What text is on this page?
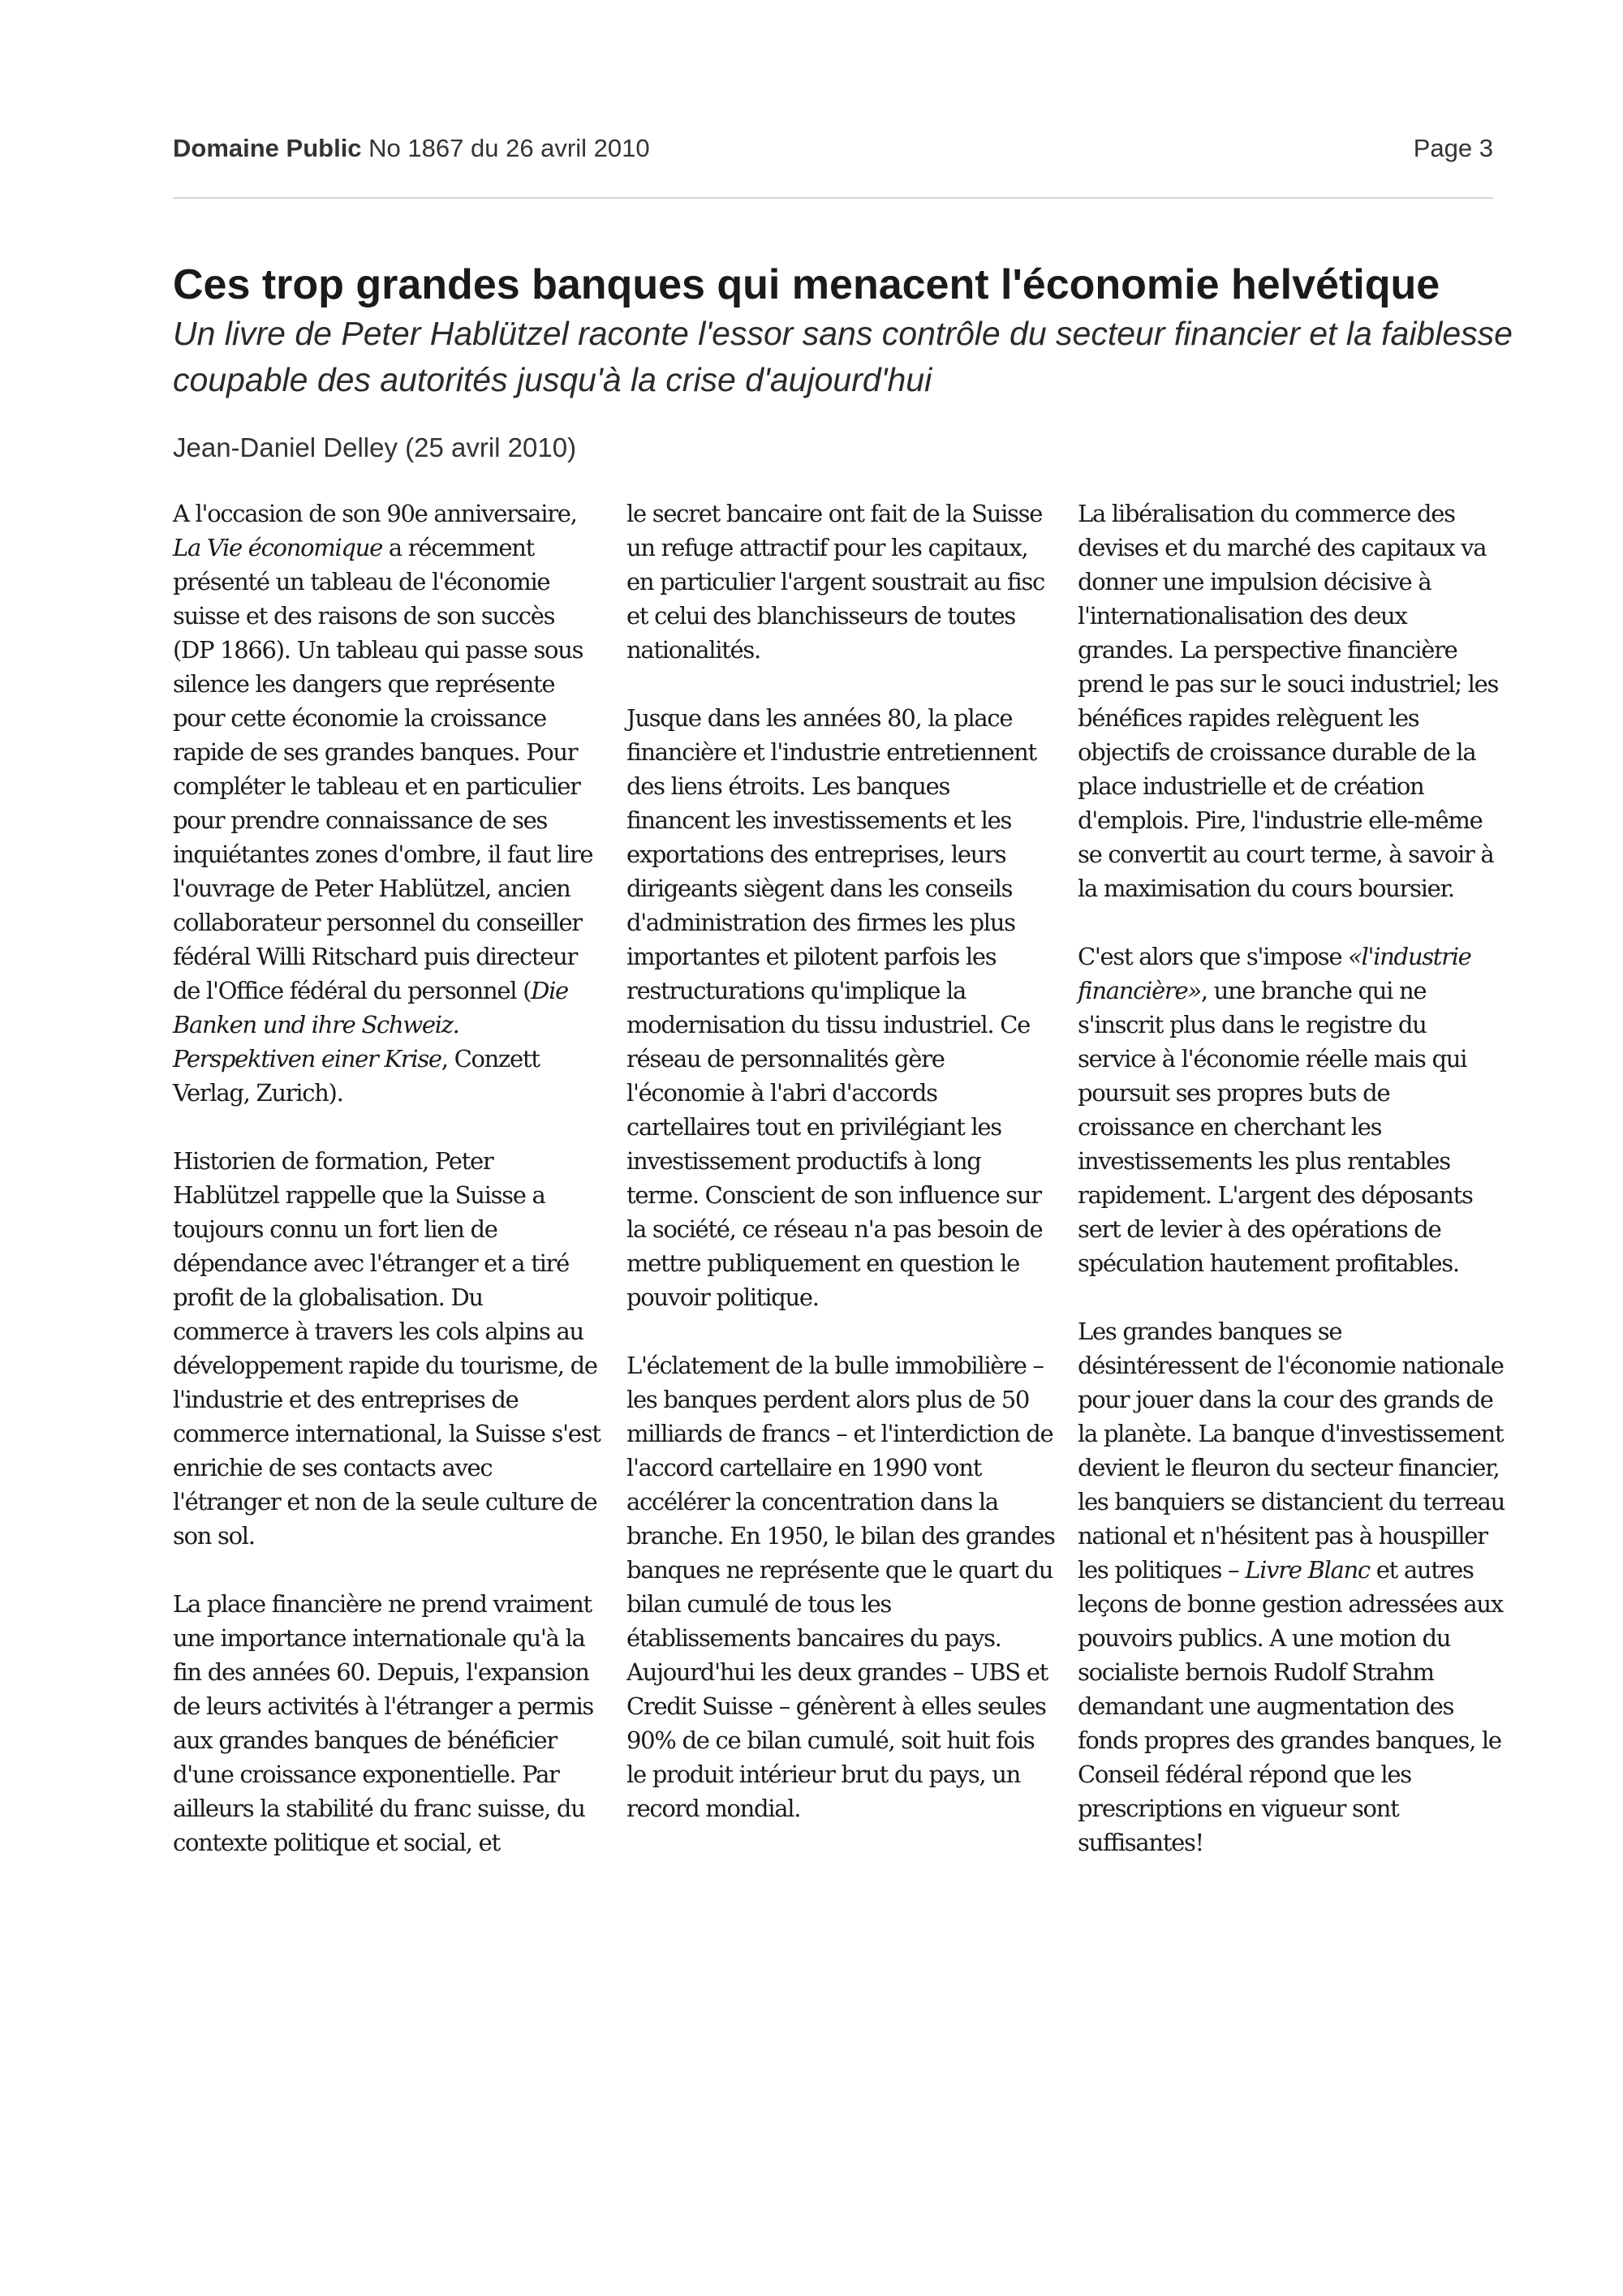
Domaine Public No 1867 du 26 avril 2010	Page 3
Ces trop grandes banques qui menacent l'économie helvétique
Un livre de Peter Hablützel raconte l'essor sans contrôle du secteur financier et la faiblesse coupable des autorités jusqu'à la crise d'aujourd'hui
Jean-Daniel Delley (25 avril 2010)

A l'occasion de son 90e anniversaire, La Vie économique a récemment présenté un tableau de l'économie suisse et des raisons de son succès (DP 1866). Un tableau qui passe sous silence les dangers que représente pour cette économie la croissance rapide de ses grandes banques. Pour compléter le tableau et en particulier pour prendre connaissance de ses inquiétantes zones d'ombre, il faut lire l'ouvrage de Peter Hablützel, ancien collaborateur personnel du conseiller fédéral Willi Ritschard puis directeur de l'Office fédéral du personnel (Die Banken und ihre Schweiz. Perspektiven einer Krise, Conzett Verlag, Zurich).

Historien de formation, Peter Hablützel rappelle que la Suisse a toujours connu un fort lien de dépendance avec l'étranger et a tiré profit de la globalisation. Du commerce à travers les cols alpins au développement rapide du tourisme, de l'industrie et des entreprises de commerce international, la Suisse s'est enrichie de ses contacts avec l'étranger et non de la seule culture de son sol.

La place financière ne prend vraiment une importance internationale qu'à la fin des années 60. Depuis, l'expansion de leurs activités à l'étranger a permis aux grandes banques de bénéficier d'une croissance exponentielle. Par ailleurs la stabilité du franc suisse, du contexte politique et social, et

le secret bancaire ont fait de la Suisse un refuge attractif pour les capitaux, en particulier l'argent soustrait au fisc et celui des blanchisseurs de toutes nationalités.

Jusque dans les années 80, la place financière et l'industrie entretiennent des liens étroits. Les banques financent les investissements et les exportations des entreprises, leurs dirigeants siègent dans les conseils d'administration des firmes les plus importantes et pilotent parfois les restructurations qu'implique la modernisation du tissu industriel. Ce réseau de personnalités gère l'économie à l'abri d'accords cartellaires tout en privilégiant les investissement productifs à long terme. Conscient de son influence sur la société, ce réseau n'a pas besoin de mettre publiquement en question le pouvoir politique.

L'éclatement de la bulle immobilière – les banques perdent alors plus de 50 milliards de francs – et l'interdiction de l'accord cartellaire en 1990 vont accélérer la concentration dans la branche. En 1950, le bilan des grandes banques ne représente que le quart du bilan cumulé de tous les établissements bancaires du pays. Aujourd'hui les deux grandes – UBS et Credit Suisse – génèrent à elles seules 90% de ce bilan cumulé, soit huit fois le produit intérieur brut du pays, un record mondial.

La libéralisation du commerce des devises et du marché des capitaux va donner une impulsion décisive à l'internationalisation des deux grandes. La perspective financière prend le pas sur le souci industriel; les bénéfices rapides relèguent les objectifs de croissance durable de la place industrielle et de création d'emplois. Pire, l'industrie elle-même se convertit au court terme, à savoir à la maximisation du cours boursier.

C'est alors que s'impose «l'industrie financière», une branche qui ne s'inscrit plus dans le registre du service à l'économie réelle mais qui poursuit ses propres buts de croissance en cherchant les investissements les plus rentables rapidement. L'argent des déposants sert de levier à des opérations de spéculation hautement profitables.

Les grandes banques se désintéressent de l'économie nationale pour jouer dans la cour des grands de la planète. La banque d'investissement devient le fleuron du secteur financier, les banquiers se distancient du terreau national et n'hésitent pas à houspiller les politiques – Livre Blanc et autres leçons de bonne gestion adressées aux pouvoirs publics. A une motion du socialiste bernois Rudolf Strahm demandant une augmentation des fonds propres des grandes banques, le Conseil fédéral répond que les prescriptions en vigueur sont suffisantes!
